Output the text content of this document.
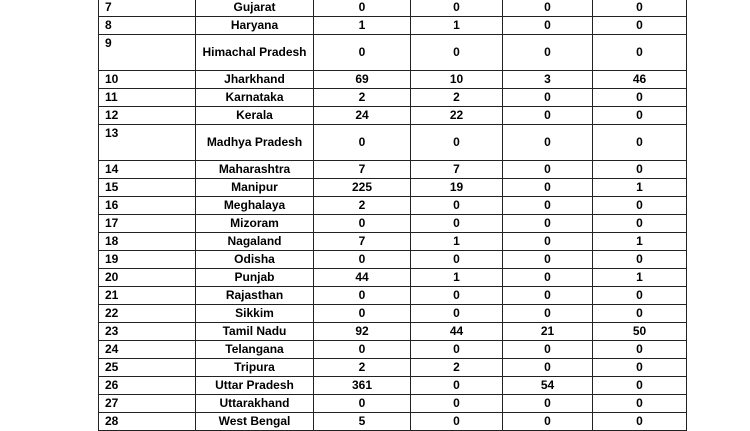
7	Gujarat	0	0	0	0
8	Haryana	1	1	0	0
9	Himachal Pradesh	0	0	0	0
10	Jharkhand	69	10	3	46
11	Karnataka	2	2	0	0
12	Kerala	24	22	0	0
13	Madhya Pradesh	0	0	0	0
14	Maharashtra	7	7	0	0
15	Manipur	225	19	0	1
16	Meghalaya	2	0	0	0
17	Mizoram	0	0	0	0
18	Nagaland	7	1	0	1
19	Odisha	0	0	0	0
20	Punjab	44	1	0	1
21	Rajasthan	0	0	0	0
22	Sikkim	0	0	0	0
23	Tamil Nadu	92	44	21	50
24	Telangana	0	0	0	0
25	Tripura	2	2	0	0
26	Uttar Pradesh	361	0	54	0
27	Uttarakhand	0	0	0	0
28	West Bengal	5	0	0	0
